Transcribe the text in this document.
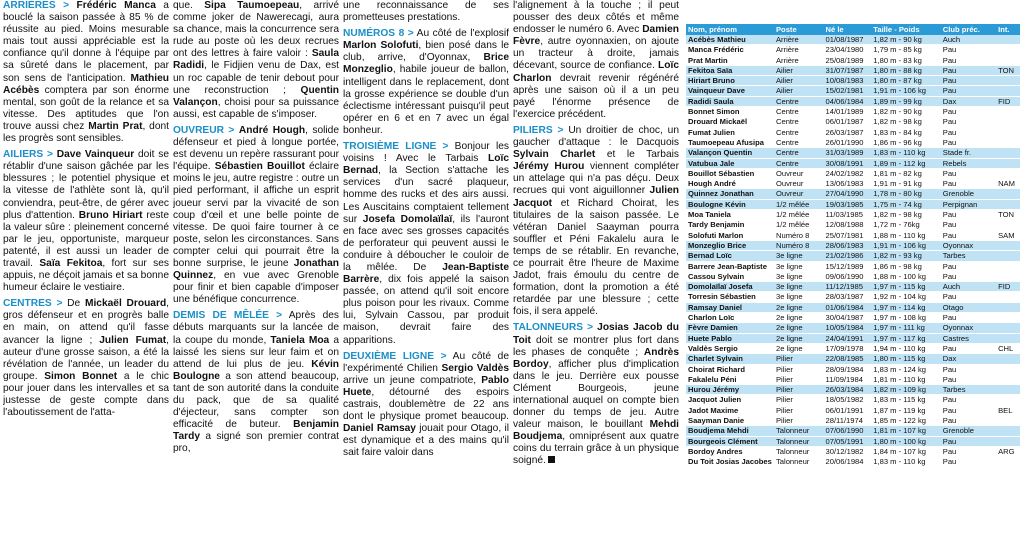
ARRIÈRES > Frédéric Manca a bouclé la saison passée à 85 % de réussite au pied. Moins mesurable mais tout aussi appréciable est la confiance qu'il donne à l'équipe par sa sûreté dans le placement, par son sens de l'anticipation. Mathieu Acébès comptera par son énorme mental, son goût de la relance et sa vitesse. Des aptitudes que l'on trouve aussi chez Martin Prat, dont les progrès sont sensibles.

AILIERS > Dave Vainqueur doit se rétablir d'une saison gâchée par les blessures ; le potentiel physique et la vitesse de l'athlète sont là, qu'il conviendra, peut-être, de gérer avec plus d'attention. Bruno Hiriart reste la valeur sûre : pleinement concerné par le jeu, opportuniste, marqueur patenté, il est aussi un leader de travail. Saïa Fekitoa, fort sur ses appuis, ne déçoit jamais et sa bonne humeur éclaire le vestiaire.

CENTRES > De Mickaël Drouard, gros défenseur et en progrès balle en main, on attend qu'il fasse avancer la ligne ; Julien Fumat, auteur d'une grosse saison, a été la révélation de l'année, un leader du groupe. Simon Bonnet a le chic pour jouer dans les intervalles et sa justesse de geste compte dans l'aboutissement de l'atta-

que. Sipa Taumoepeau, arrivé comme joker de Nawerecagi, aura sa chance, mais la concurrence sera rude au poste où les deux recrues ont des lettres à faire valoir : Saula Radidi, le Fidjien venu de Dax, est un roc capable de tenir debout pour une reconstruction ; Quentin Valançon, choisi pour sa puissance aussi, est capable de s'imposer.

OUVREUR > André Hough, solide défenseur et pied à longue portée, est devenu un repère rassurant pour l'équipe. Sébastien Bouillot éclaire moins le jeu, autre registre : outre un pied performant, il affiche un esprit joueur servi par la vivacité de son coup d'œil et une belle pointe de vitesse. De quoi faire tourner à ce poste, selon les circonstances. Sans compter celui qui pourrait être la bonne surprise, le jeune Jonathan Quinnez, en vue avec Grenoble pour finir et bien capable d'imposer une bénéfique concurrence.

DEMIS DE MÊLÉE > Après des débuts marquants sur la lancée de la coupe du monde, Taniela Moa a laissé les siens sur leur faim et on attend de lui plus de jeu. Kévin Boulogne a son attend beaucoup, tant de son autorité dans la conduite du pack, que de sa qualité d'éjecteur, sans compter son efficacité de buteur. Benjamin Tardy a signé son premier contrat pro,

une reconnaissance de ses prometteuses prestations.

NUMÉROS 8 > Au côté de l'explosif Marlon Solofuti, bien posé dans le club, arrive, d'Oyonnax, Brice Monzeglio, habile joueur de ballon, intelligent dans le replacement, dont la grosse expérience se double d'un éclectisme intéressant puisqu'il peut opérer en 6 et en 7 avec un égal bonheur.

TROISIÈME LIGNE > Bonjour les voisins ! Avec le Tarbais Loïc Bernad, la Section s'attache les services d'un sacré plaqueur, homme des rucks et des airs aussi. Les Auscitains comptaient tellement sur Josefa Domolaïlaï, ils l'auront en face avec ses grosses capacités de perforateur qui peuvent aussi le conduire à déboucher le couloir de la mêlée. De Jean-Baptiste Barrère, dix fois appelé la saison passée, on attend qu'il soit encore plus poison pour les rivaux. Comme lui, Sylvain Cassou, par produit maison, devrait faire des apparitions.

DEUXIÈME LIGNE > Au côté de l'expérimenté Chilien Sergio Valdès arrive un jeune compatriote, Pablo Huete, détourné des espoirs castrais, doublemètre de 22 ans dont le physique promet beaucoup. Daniel Ramsay jouait pour Otago, il est dynamique et a des mains qu'il sait faire valoir dans

l'alignement à la touche ; il peut pousser des deux côtés et même endosser le numéro 6. Avec Damien Fèvre, autre oyonnaxien, on ajoute un tracteur à droite, jamais décevant, source de confiance. Loïc Charlon devrait revenir régénéré après une saison où il a un peu payé l'énorme présence de l'exercice précédent.

PILIERS > Un droitier de choc, un gaucher d'attaque : le Dacquois Sylvain Charlet et le Tarbais Jérémy Hurou viennent compléter un attelage qui n'a pas déçu. Deux recrues qui vont aiguillonner Julien Jacquot et Richard Choirat, les titulaires de la saison passée. Le vétéran Daniel Saayman pourra souffler et Péni Fakalelu aura le temps de se rétablir. En revanche, ce pourrait être l'heure de Maxime Jadot, frais émoulu du centre de formation, dont la promotion a été retardée par une blessure ; cette fois, il sera appelé.

TALONNEURS > Josias Jacob du Toit doit se montrer plus fort dans les phases de conquête ; Andrès Bordoy, afficher plus d'implication dans le jeu. Derrière eux pousse Clément Bourgeois, jeune international auquel on compte bien donner du temps de jeu. Autre valeur maison, le bouillant Mehdi Boudjema, omniprésent aux quatre coins du terrain grâce à un physique soigné.

Nom, prénom	Poste	Né le	Taille - Poids	Club préc.	Int.
Acébès Mathieu	Arrière	01/08/1987	1,82 m - 90 kg	Auch	
Manca Frédéric	Arrière	23/04/1980	1,79 m - 85 kg	Pau	
Prat Martin	Arrière	25/08/1989	1,80 m - 83 kg	Pau	
Fekitoa Saïa	Ailier	31/07/1987	1,80 m - 88 kg	Pau	TON
Hiriart Bruno	Ailier	10/08/1983	1,80 m - 87 kg	Pau	
Vainqueur Dave	Ailier	15/02/1981	1,91 m - 106 kg	Pau	
Radidi Saula	Centre	04/06/1984	1,89 m - 99 kg	Dax	FID
Bonnet Simon	Centre	14/01/1989	1,82 m - 90 kg	Pau	
Drouard Mickaël	Centre	06/01/1987	1,82 m - 98 kg	Pau	
Fumat Julien	Centre	26/03/1987	1,83 m - 84 kg	Pau	
Taumoepeau Afusipa	Centre	26/01/1990	1,86 m - 96 kg	Pau	
Valançon Quentin	Centre	31/03/1989	1,83 m - 110 kg	Stade fr.	
Vatubua Jale	Centre	30/08/1991	1,89 m - 112 kg	Rebels	
Bouillot Sébastien	Ouvreur	24/02/1982	1,81 m - 82 kg	Pau	
Hough André	Ouvreur	13/06/1983	1,91 m - 91 kg	Pau	NAM
Quinnez Jonathan	Ouvreur	27/04/1990	1,78 m - 80 kg	Grenoble	
Boulogne Kévin	1/2 mêlée	19/03/1985	1,75 m - 74 kg	Perpignan	
Moa Taniela	1/2 mêlée	11/03/1985	1,82 m - 98 kg	Pau	TON
Tardy Benjamin	1/2 mêlée	12/08/1988	1,72 m - 76kg	Pau	
Solofuti Marlon	Numéro 8	25/07/1981	1,88 m - 110 kg	Pau	SAM
Monzeglio Brice	Numéro 8	28/06/1983	1,91 m - 106 kg	Oyonnax	
Bernad Loïc	3e ligne	21/02/1986	1,82 m - 93 kg	Tarbes	
Barrere Jean-Baptiste	3e ligne	15/12/1989	1,86 m - 98 kg	Pau	
Cassou Sylvain	3e ligne	09/06/1990	1,88 m - 100 kg	Pau	
Domolaïlaï Josefa	3e ligne	11/12/1985	1,97 m - 115 kg	Auch	FID
Torresin Sébastien	3e ligne	28/03/1987	1,92 m - 104 kg	Pau	
Ramsay Daniel	2e ligne	01/06/1984	1,97 m - 114 kg	Otago	
Charlon Loïc	2e ligne	30/04/1987	1,97 m - 108 kg	Pau	
Fèvre Damien	2e ligne	10/05/1984	1,97 m - 111 kg	Oyonnax	
Huete Pablo	2e ligne	24/04/1991	1,97 m - 117 kg	Castres	
Valdès Sergio	2e ligne	17/09/1978	1,94 m - 110 kg	Pau	CHL
Charlet Sylvain	Pilier	22/08/1985	1,80 m - 115 kg	Dax	
Choirat Richard	Pilier	28/09/1984	1,83 m - 124 kg	Pau	
Fakalelu Péni	Pilier	11/09/1984	1,81 m - 110 kg	Pau	
Hurou Jérémy	Pilier	26/03/1984	1,82 m - 109 kg	Tarbes	
Jacquot Julien	Pilier	18/05/1982	1,83 m - 115 kg	Pau	
Jadot Maxime	Pilier	06/01/1991	1,87 m - 119 kg	Pau	BEL
Saayman Danie	Pilier	28/11/1974	1,85 m - 122 kg	Pau	
Boudjema Mehdi	Talonneur	07/06/1990	1,81 m - 107 kg	Grenoble	
Bourgeois Clément	Talonneur	07/05/1991	1,80 m - 100 kg	Pau	
Bordoy Andres	Talonneur	30/12/1982	1,84 m - 107 kg	Pau	ARG
Du Toit Josias Jacobes	Talonneur	20/06/1984	1,83 m - 110 kg	Pau	
